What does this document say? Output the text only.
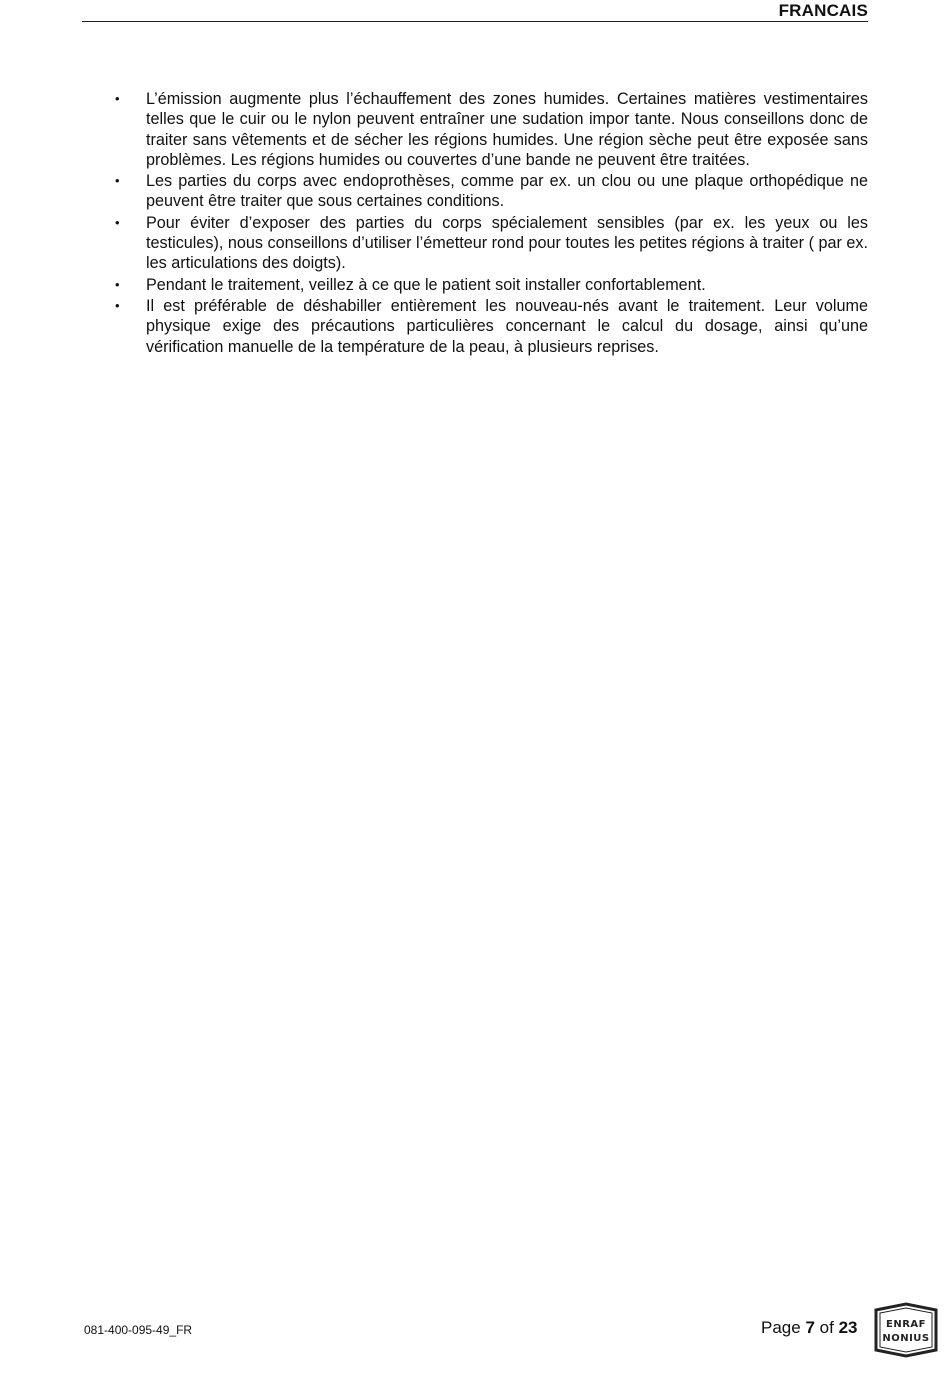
FRANCAIS
• L’émission augmente plus l’échauffement des zones humides. Certaines matières vestimentaires telles que le cuir ou le nylon peuvent entraîner une sudation impor tante. Nous conseillons donc de traiter sans vêtements et de sécher les régions humides. Une région sèche peut être exposée sans problèmes. Les régions humides ou couvertes d’une bande ne peuvent être traitées.
• Les parties du corps avec endoprothèses, comme par ex. un clou ou une plaque orthopédique ne peuvent être traiter que sous certaines conditions.
• Pour éviter d’exposer des parties du corps spécialement sensibles (par ex. les yeux ou les testicules), nous conseillons d’utiliser l’émetteur rond pour toutes les petites régions à traiter ( par ex. les articulations des doigts).
• Pendant le traitement, veillez à ce que le patient soit installer confortablement.
• Il est préférable de déshabiller entièrement les nouveau-nés avant le traitement. Leur volume physique exige des précautions particulières concernant le calcul du dosage, ainsi qu’une vérification manuelle de la température de la peau, à plusieurs reprises.
081-400-095-49_FR	Page 7 of 23	ENRAF
NONIUS
